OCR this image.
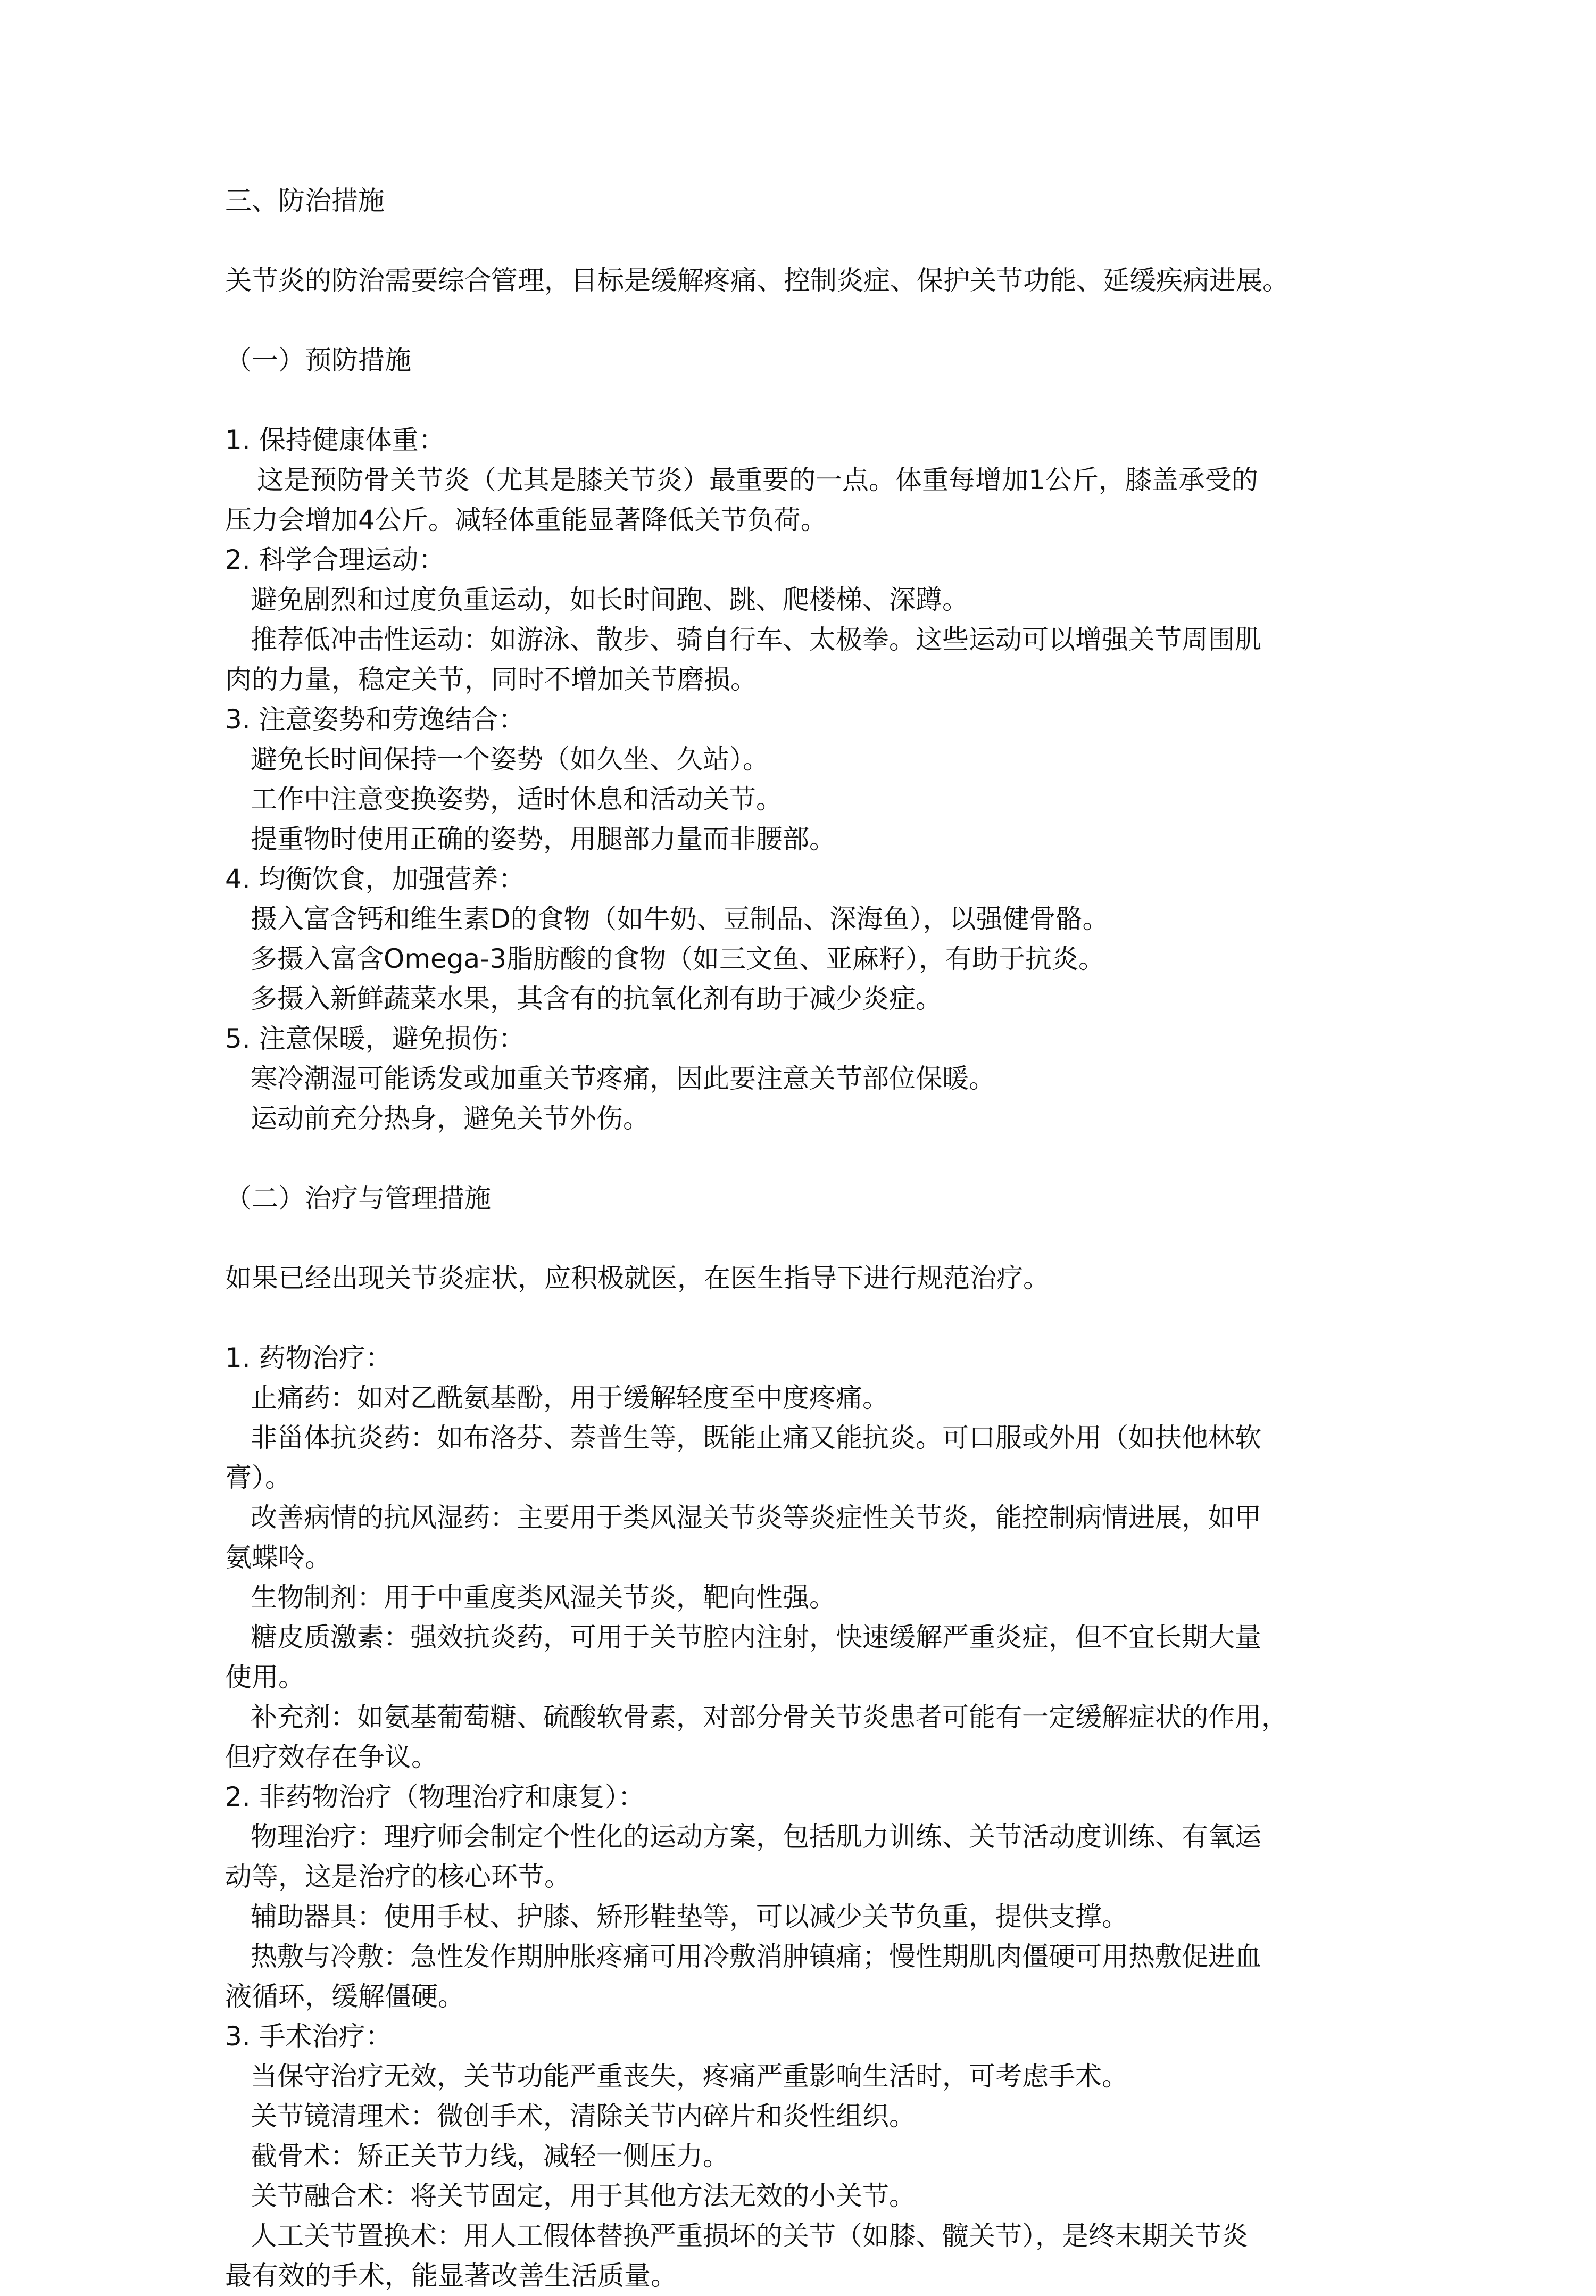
三、防治措施
关节炎的防治需要综合管理，目标是缓解疼痛、控制炎症、保护关节功能、延缓疾病进展。
（一）预防措施
1. 保持健康体重：
这是预防骨关节炎（尤其是膝关节炎）最重要的一点。体重每增加1公斤，膝盖承受的
压力会增加4公斤。减轻体重能显著降低关节负荷。
2. 科学合理运动：
避免剧烈和过度负重运动，如长时间跑、跳、爬楼梯、深蹲。
推荐低冲击性运动：如游泳、散步、骑自行车、太极拳。这些运动可以增强关节周围肌
肉的力量，稳定关节，同时不增加关节磨损。
3. 注意姿势和劳逸结合：
避免长时间保持一个姿势（如久坐、久站）。
工作中注意变换姿势，适时休息和活动关节。
提重物时使用正确的姿势，用腿部力量而非腰部。
4. 均衡饮食，加强营养：
摄入富含钙和维生素D的食物（如牛奶、豆制品、深海鱼），以强健骨骼。
多摄入富含Omega-3脂肪酸的食物（如三文鱼、亚麻籽），有助于抗炎。
多摄入新鲜蔬菜水果，其含有的抗氧化剂有助于减少炎症。
5. 注意保暖，避免损伤：
寒冷潮湿可能诱发或加重关节疼痛，因此要注意关节部位保暖。
运动前充分热身，避免关节外伤。
（二）治疗与管理措施
如果已经出现关节炎症状，应积极就医，在医生指导下进行规范治疗。
1. 药物治疗：
止痛药：如对乙酰氨基酚，用于缓解轻度至中度疼痛。
非甾体抗炎药：如布洛芬、萘普生等，既能止痛又能抗炎。可口服或外用（如扶他林软
膏）。
改善病情的抗风湿药：主要用于类风湿关节炎等炎症性关节炎，能控制病情进展，如甲
氨蝶呤。
生物制剂：用于中重度类风湿关节炎，靶向性强。
糖皮质激素：强效抗炎药，可用于关节腔内注射，快速缓解严重炎症，但不宜长期大量
使用。
补充剂：如氨基葡萄糖、硫酸软骨素，对部分骨关节炎患者可能有一定缓解症状的作用，
但疗效存在争议。
2. 非药物治疗（物理治疗和康复）：
物理治疗：理疗师会制定个性化的运动方案，包括肌力训练、关节活动度训练、有氧运
动等，这是治疗的核心环节。
辅助器具：使用手杖、护膝、矫形鞋垫等，可以减少关节负重，提供支撑。
热敷与冷敷：急性发作期肿胀疼痛可用冷敷消肿镇痛；慢性期肌肉僵硬可用热敷促进血
液循环，缓解僵硬。
3. 手术治疗：
当保守治疗无效，关节功能严重丧失，疼痛严重影响生活时，可考虑手术。
关节镜清理术：微创手术，清除关节内碎片和炎性组织。
截骨术：矫正关节力线，减轻一侧压力。
关节融合术：将关节固定，用于其他方法无效的小关节。
人工关节置换术：用人工假体替换严重损坏的关节（如膝、髋关节），是终末期关节炎
最有效的手术，能显著改善生活质量。
